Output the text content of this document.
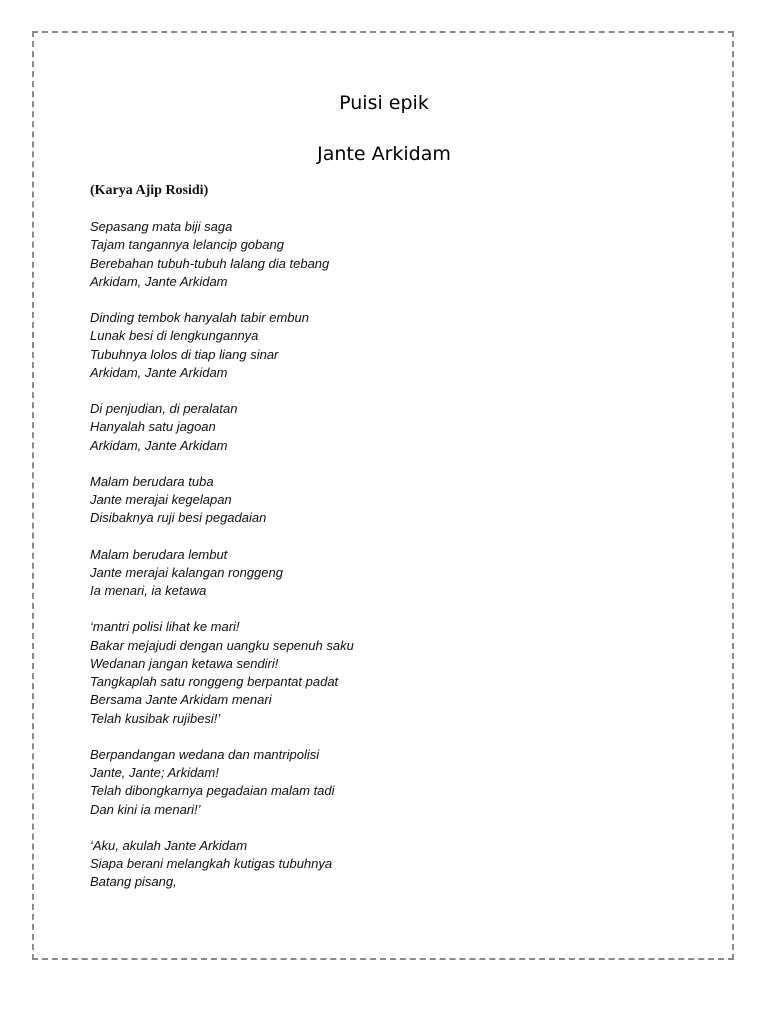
Puisi epik
Jante Arkidam
(Karya Ajip Rosidi)
Sepasang mata biji saga
Tajam tangannya lelancip gobang
Berebahan tubuh-tubuh lalang dia tebang
Arkidam, Jante Arkidam
Dinding tembok hanyalah tabir embun
Lunak besi di lengkungannya
Tubuhnya lolos di tiap liang sinar
Arkidam, Jante Arkidam
Di penjudian, di peralatan
Hanyalah satu jagoan
Arkidam, Jante Arkidam
Malam berudara tuba
Jante merajai kegelapan
Disibaknya ruji besi pegadaian
Malam berudara lembut
Jante merajai kalangan ronggeng
Ia menari, ia ketawa
‘mantri polisi lihat ke mari!
Bakar mejajudi dengan uangku sepenuh saku
Wedanan jangan ketawa sendiri!
Tangkaplah satu ronggeng berpantat padat
Bersama Jante Arkidam menari
Telah kusibak rujibesi!’
Berpandangan wedana dan mantripolisi
Jante, Jante; Arkidam!
Telah dibongkarnya pegadaian malam tadi
Dan kini ia menari!’
‘Aku, akulah Jante Arkidam
Siapa berani melangkah kutigas tubuhnya
Batang pisang,
